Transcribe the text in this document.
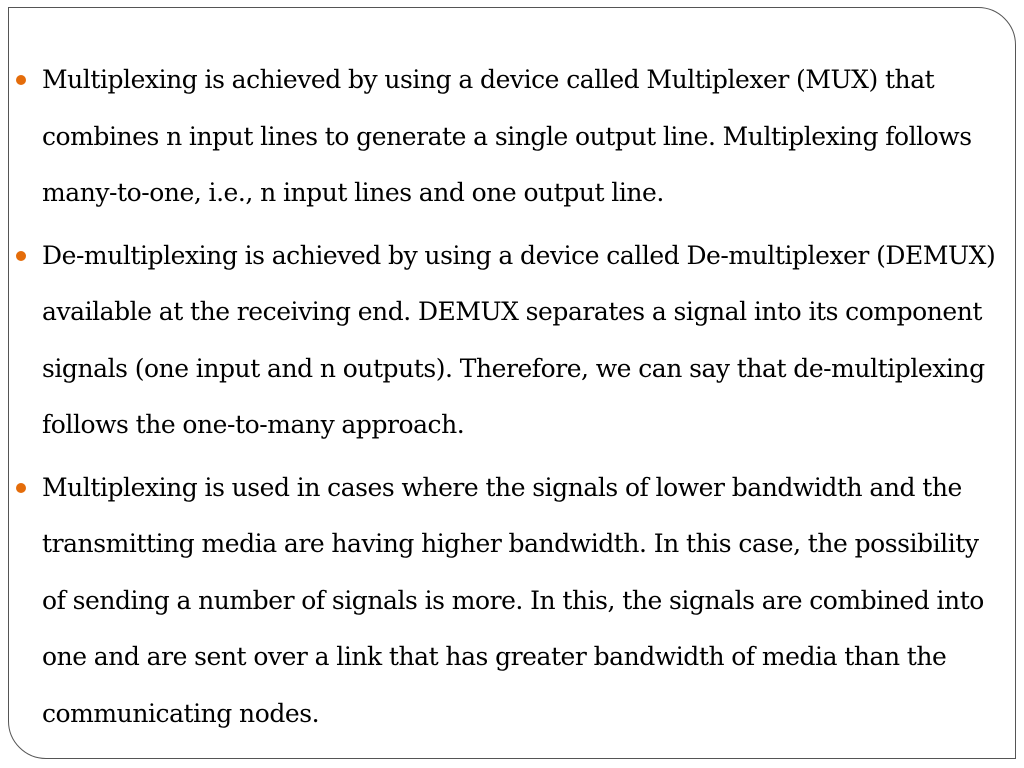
Multiplexing is achieved by using a device called Multiplexer (MUX) that combines n input lines to generate a single output line. Multiplexing follows many-to-one, i.e., n input lines and one output line.
De-multiplexing is achieved by using a device called De-multiplexer (DEMUX) available at the receiving end. DEMUX separates a signal into its component signals (one input and n outputs). Therefore, we can say that de-multiplexing follows the one-to-many approach.
Multiplexing is used in cases where the signals of lower bandwidth and the transmitting media are having higher bandwidth. In this case, the possibility of sending a number of signals is more. In this, the signals are combined into one and are sent over a link that has greater bandwidth of media than the communicating nodes.
